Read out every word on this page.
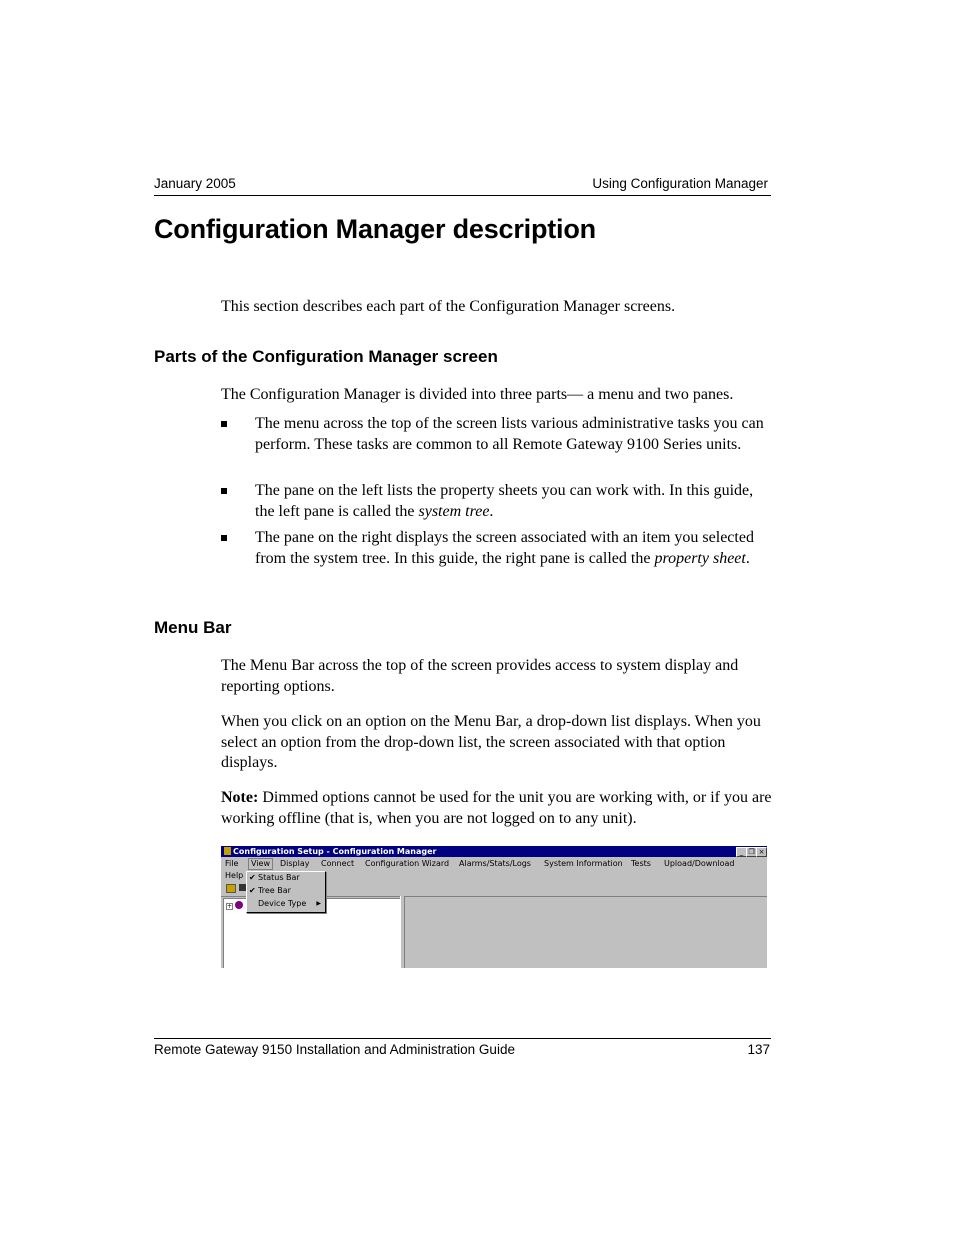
January 2005	Using Configuration Manager
Configuration Manager description

This section describes each part of the Configuration Manager screens.

Parts of the Configuration Manager screen

The Configuration Manager is divided into three parts— a menu and two panes.

The menu across the top of the screen lists various administrative tasks you can perform. These tasks are common to all Remote Gateway 9100 Series units.
The pane on the left lists the property sheets you can work with. In this guide, the left pane is called the system tree.
The pane on the right displays the screen associated with an item you selected from the system tree. In this guide, the right pane is called the property sheet.
Menu Bar

The Menu Bar across the top of the screen provides access to system display and reporting options.

When you click on an option on the Menu Bar, a drop-down list displays. When you select an option from the drop-down list, the screen associated with that option displays.

Note: Dimmed options cannot be used for the unit you are working with, or if you are working offline (that is, when you are not logged on to any unit).

Configuration Setup - Configuration Manager	_ ❒ ×
File	View	Display Connect Configuration Wizard Alarms/Stats/Logs System Information Tests Upload/Download
Help
+
✔ Status Bar
✔ Tree Bar
Device Type ▶
Remote Gateway 9150 Installation and Administration Guide	137
